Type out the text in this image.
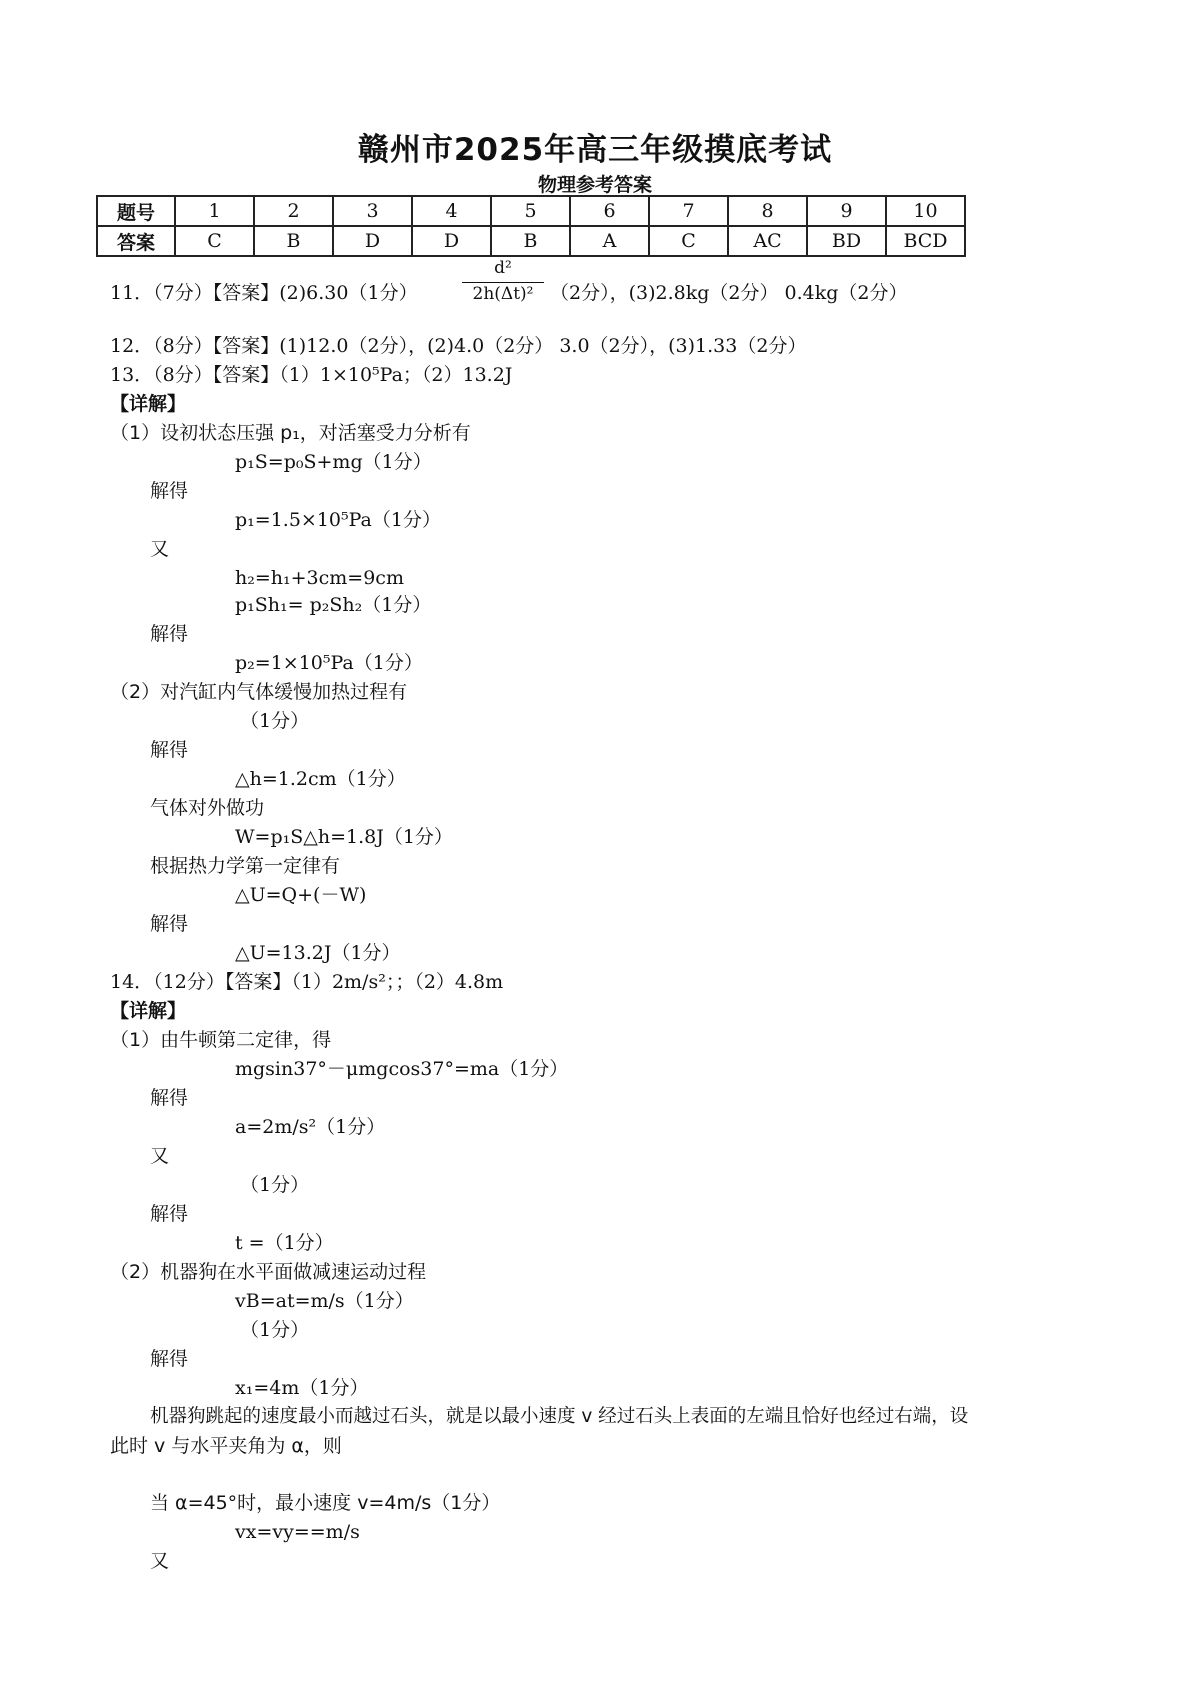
赣州市2025年高三年级摸底考试
物理参考答案
题号	1	2	3	4	5	6	7	8	9	10
答案	C	B	D	D	B	A	C	AC	BD	BCD
11．（7分）【答案】(2)6.30（1分）	$\frac{\text{d²}}{\text{2h(Δt)²}} (2$分），(3)2.8kg（2分） 0.4kg（2分）
12．（8分）【答案】(1)12.0（2分），(2)4.0（2分） 3.0（2分），(3)1.33（2分）
13．（8分）【答案】（1）1×10⁵Pa；（2）13.2J
【详解】
（1）设初状态压强 p₁，对活塞受力分析有
p₁S=p₀S+mg（1分）
解得
p₁=1.5×10⁵Pa（1分）
又
h₂=h₁+3cm=9cm
p₁Sh₁= p₂Sh₂（1分）
解得
p₂=1×10⁵Pa（1分）
（2）对汽缸内气体缓慢加热过程有
（1分）
解得
△h=1.2cm（1分）
气体对外做功
W=p₁S△h=1.8J（1分）
根据热力学第一定律有
△U=Q+(－W)
解得
△U=13.2J（1分）
14．（12分）【答案】（1）2m/s²；；（2）4.8m
【详解】
（1）由牛顿第二定律，得
mgsin37°－μmgcos37°=ma（1分）
解得
a=2m/s²（1分）
又
（1分）
解得
t =（1分）
（2）机器狗在水平面做减速运动过程
vB=at=m/s（1分）
（1分）
解得
x₁=4m（1分）
机器狗跳起的速度最小而越过石头，就是以最小速度 v 经过石头上表面的左端且恰好也经过右端，设
此时 v 与水平夹角为 α，则
当 α=45°时，最小速度 v=4m/s（1分）
vx=vy==m/s
又
